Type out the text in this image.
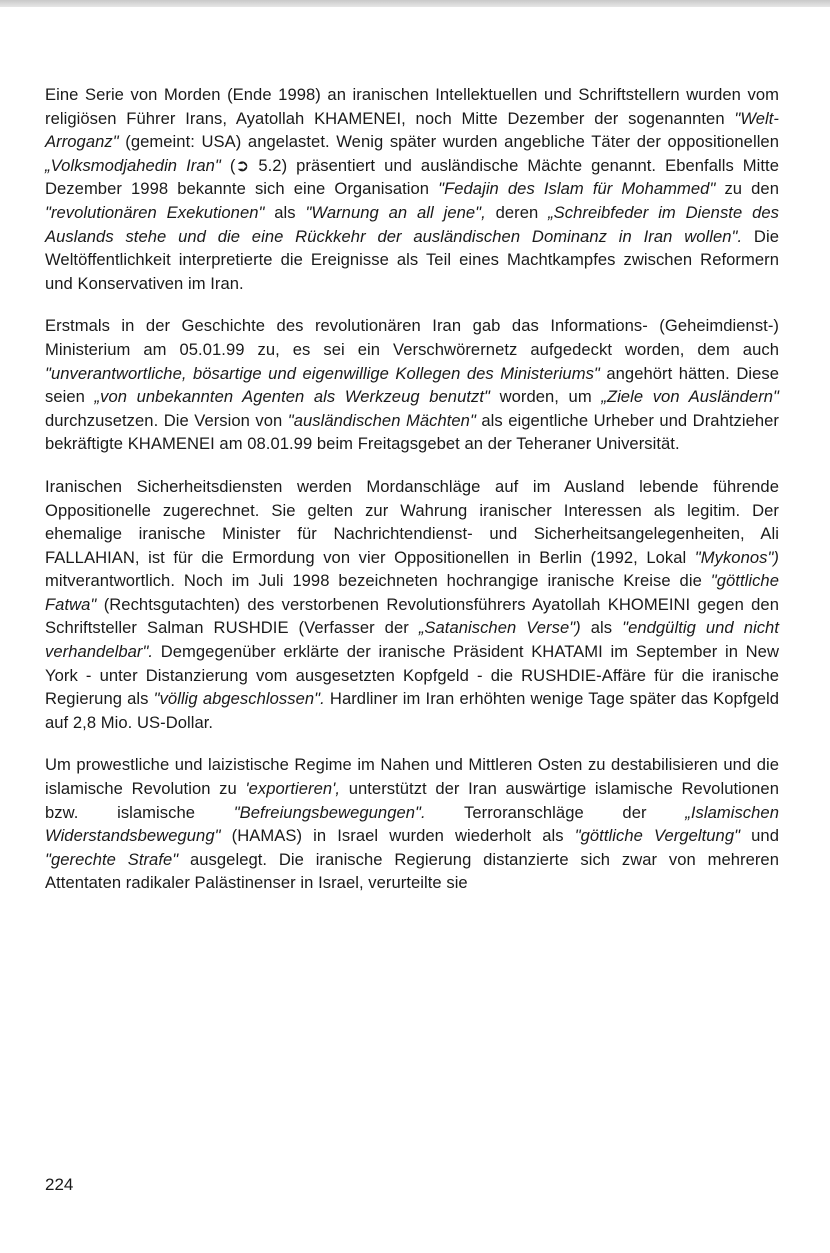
Eine Serie von Morden (Ende 1998) an iranischen Intellektuellen und Schriftstellern wurden vom religiösen Führer Irans, Ayatollah KHAMENEI, noch Mitte Dezember der sogenannten "Welt-Arroganz" (gemeint: USA) angelastet. Wenig später wurden angebliche Täter der oppositionellen „Volksmodjahedin Iran" (➲ 5.2) präsentiert und ausländische Mächte genannt. Ebenfalls Mitte Dezember 1998 bekannte sich eine Organisation "Fedajin des Islam für Mohammed" zu den "revolutionären Exekutionen" als "Warnung an all jene", deren „Schreibfeder im Dienste des Auslands stehe und die eine Rückkehr der ausländischen Dominanz in Iran wollen". Die Weltöffentlichkeit interpretierte die Ereignisse als Teil eines Machtkampfes zwischen Reformern und Konservativen im Iran.

Erstmals in der Geschichte des revolutionären Iran gab das Informations- (Geheimdienst-) Ministerium am 05.01.99 zu, es sei ein Verschwörernetz aufgedeckt worden, dem auch "unverantwortliche, bösartige und eigenwillige Kollegen des Ministeriums" angehört hätten. Diese seien „von unbekannten Agenten als Werkzeug benutzt" worden, um „Ziele von Ausländern" durchzusetzen. Die Version von "ausländischen Mächten" als eigentliche Urheber und Drahtzieher bekräftigte KHAMENEI am 08.01.99 beim Freitagsgebet an der Teheraner Universität.

Iranischen Sicherheitsdiensten werden Mordanschläge auf im Ausland lebende führende Oppositionelle zugerechnet. Sie gelten zur Wahrung iranischer Interessen als legitim. Der ehemalige iranische Minister für Nachrichtendienst- und Sicherheitsangelegenheiten, Ali FALLAHIAN, ist für die Ermordung von vier Oppositionellen in Berlin (1992, Lokal "Mykonos") mitverantwortlich. Noch im Juli 1998 bezeichneten hochrangige iranische Kreise die "göttliche Fatwa" (Rechtsgutachten) des verstorbenen Revolutionsführers Ayatollah KHOMEINI gegen den Schriftsteller Salman RUSHDIE (Verfasser der „Satanischen Verse") als "endgültig und nicht verhandelbar". Demgegenüber erklärte der iranische Präsident KHATAMI im September in New York - unter Distanzierung vom ausgesetzten Kopfgeld - die RUSHDIE-Affäre für die iranische Regierung als "völlig abgeschlossen". Hardliner im Iran erhöhten wenige Tage später das Kopfgeld auf 2,8 Mio. US-Dollar.

Um prowestliche und laizistische Regime im Nahen und Mittleren Osten zu destabilisieren und die islamische Revolution zu 'exportieren', unterstützt der Iran auswärtige islamische Revolutionen bzw. islamische "Befreiungsbewegungen". Terroranschläge der „Islamischen Widerstandsbewegung" (HAMAS) in Israel wurden wiederholt als "göttliche Vergeltung" und "gerechte Strafe" ausgelegt. Die iranische Regierung distanzierte sich zwar von mehreren Attentaten radikaler Palästinenser in Israel, verurteilte sie

224
